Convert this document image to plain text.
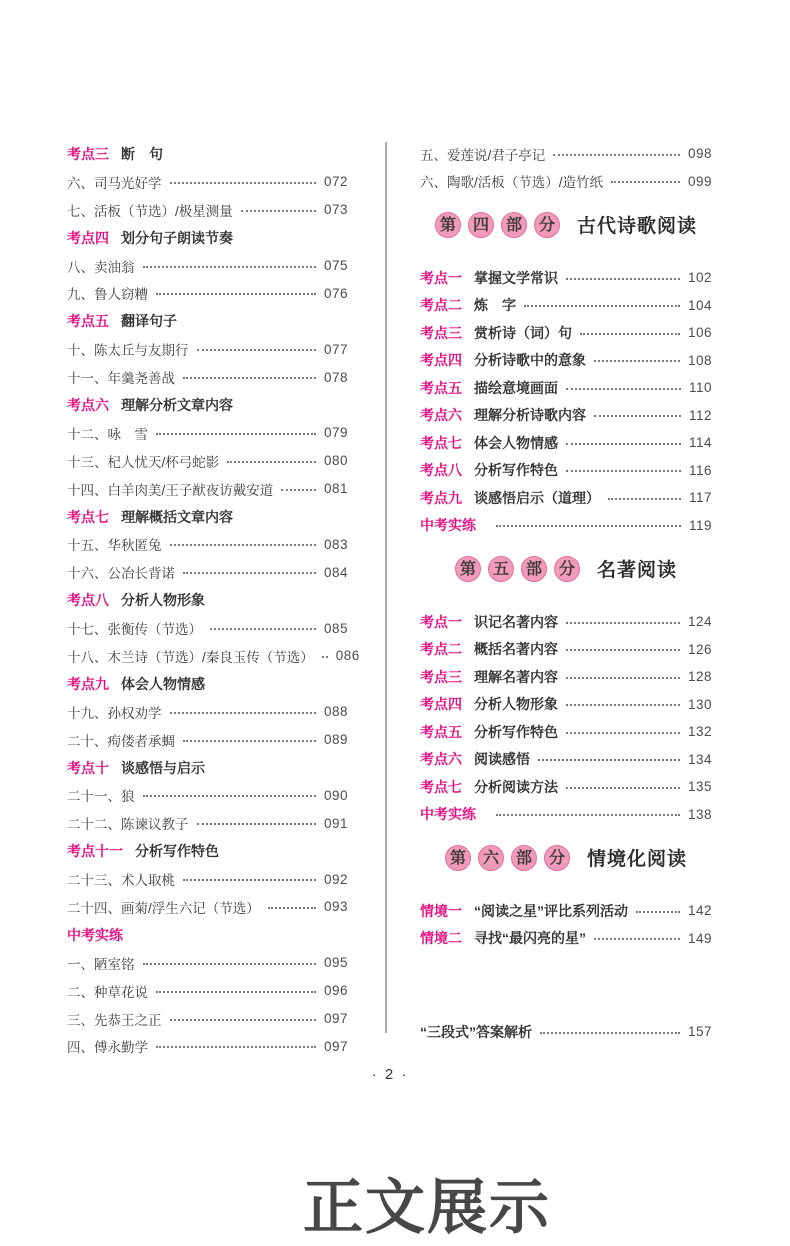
考点三 断　句
六、司马光好学	072
七、活板（节选）/极星测量	073
考点四 划分句子朗读节奏
八、卖油翁	075
九、鲁人窃糟	076
考点五 翻译句子
十、陈太丘与友期行	077
十一、年羹尧善战	078
考点六 理解分析文章内容
十二、咏　雪	079
十三、杞人忧天/杯弓蛇影	080
十四、白羊肉美/王子猷夜访戴安道	081
考点七 理解概括文章内容
十五、华秋匿兔	083
十六、公冶长背诺	084
考点八 分析人物形象
十七、张衡传（节选）	085
十八、木兰诗（节选）/秦良玉传（节选） 086
考点九 体会人物情感
十九、孙权劝学	088
二十、痀偻者承蜩	089
考点十 谈感悟与启示
二十一、狼	090
二十二、陈谏议教子	091
考点十一 分析写作特色
二十三、术人取桃	092
二十四、画菊/浮生六记（节选）	093
中考实练
一、陋室铭	095
二、种草花说	096
三、先恭王之正	097
四、傅永勤学	097
五、爱莲说/君子亭记	098
六、陶歌/活板（节选）/造竹纸	099
第	四	部	分 古代诗歌阅读
考点一 掌握文学常识	102
考点二 炼　字	104
考点三 赏析诗（词）句	106
考点四 分析诗歌中的意象	108
考点五 描绘意境画面	110
考点六 理解分析诗歌内容	112
考点七 体会人物情感	114
考点八 分析写作特色	116
考点九 谈感悟启示（道理）	117
中考实练	119
第	五	部	分 名著阅读
考点一 识记名著内容	124
考点二 概括名著内容	126
考点三 理解名著内容	128
考点四 分析人物形象	130
考点五 分析写作特色	132
考点六 阅读感悟	134
考点七 分析阅读方法	135
中考实练	138
第	六	部	分 情境化阅读
情境一 “阅读之星”评比系列活动	142
情境二 寻找“最闪亮的星”	149
“三段式”答案解析	157
· 2 ·
正文展示
